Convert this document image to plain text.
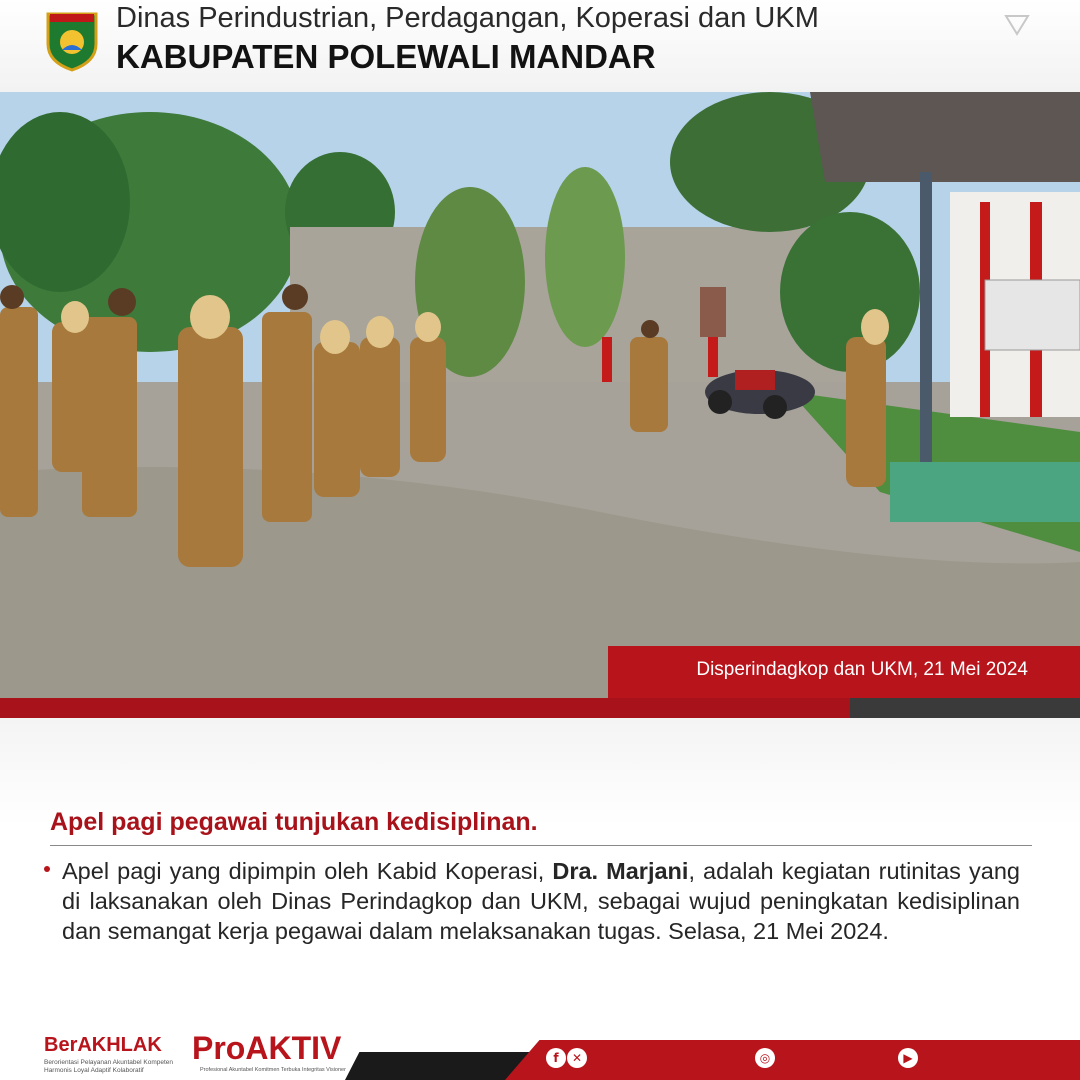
Dinas Perindustrian, Perdagangan, Koperasi dan UKM
KABUPATEN POLEWALI MANDAR
Disperindagkop dan UKM, 21 Mei 2024
Apel pagi pegawai tunjukan kedisiplinan.
Apel pagi yang dipimpin oleh Kabid Koperasi, Dra. Marjani, adalah kegiatan rutinitas yang di laksanakan oleh Dinas Perindagkop dan UKM, sebagai wujud peningkatan kedisiplinan dan semangat kerja pegawai dalam melaksanakan tugas. Selasa, 21 Mei 2024.
BerAKHLAK
Berorientasi Pelayanan Akuntabel Kompeten Harmonis Loyal Adaptif Kolaboratif
ProAKTIV
Profesional Akuntabel Komitmen Terbuka Integritas Visioner
f	✕	◎	▶
